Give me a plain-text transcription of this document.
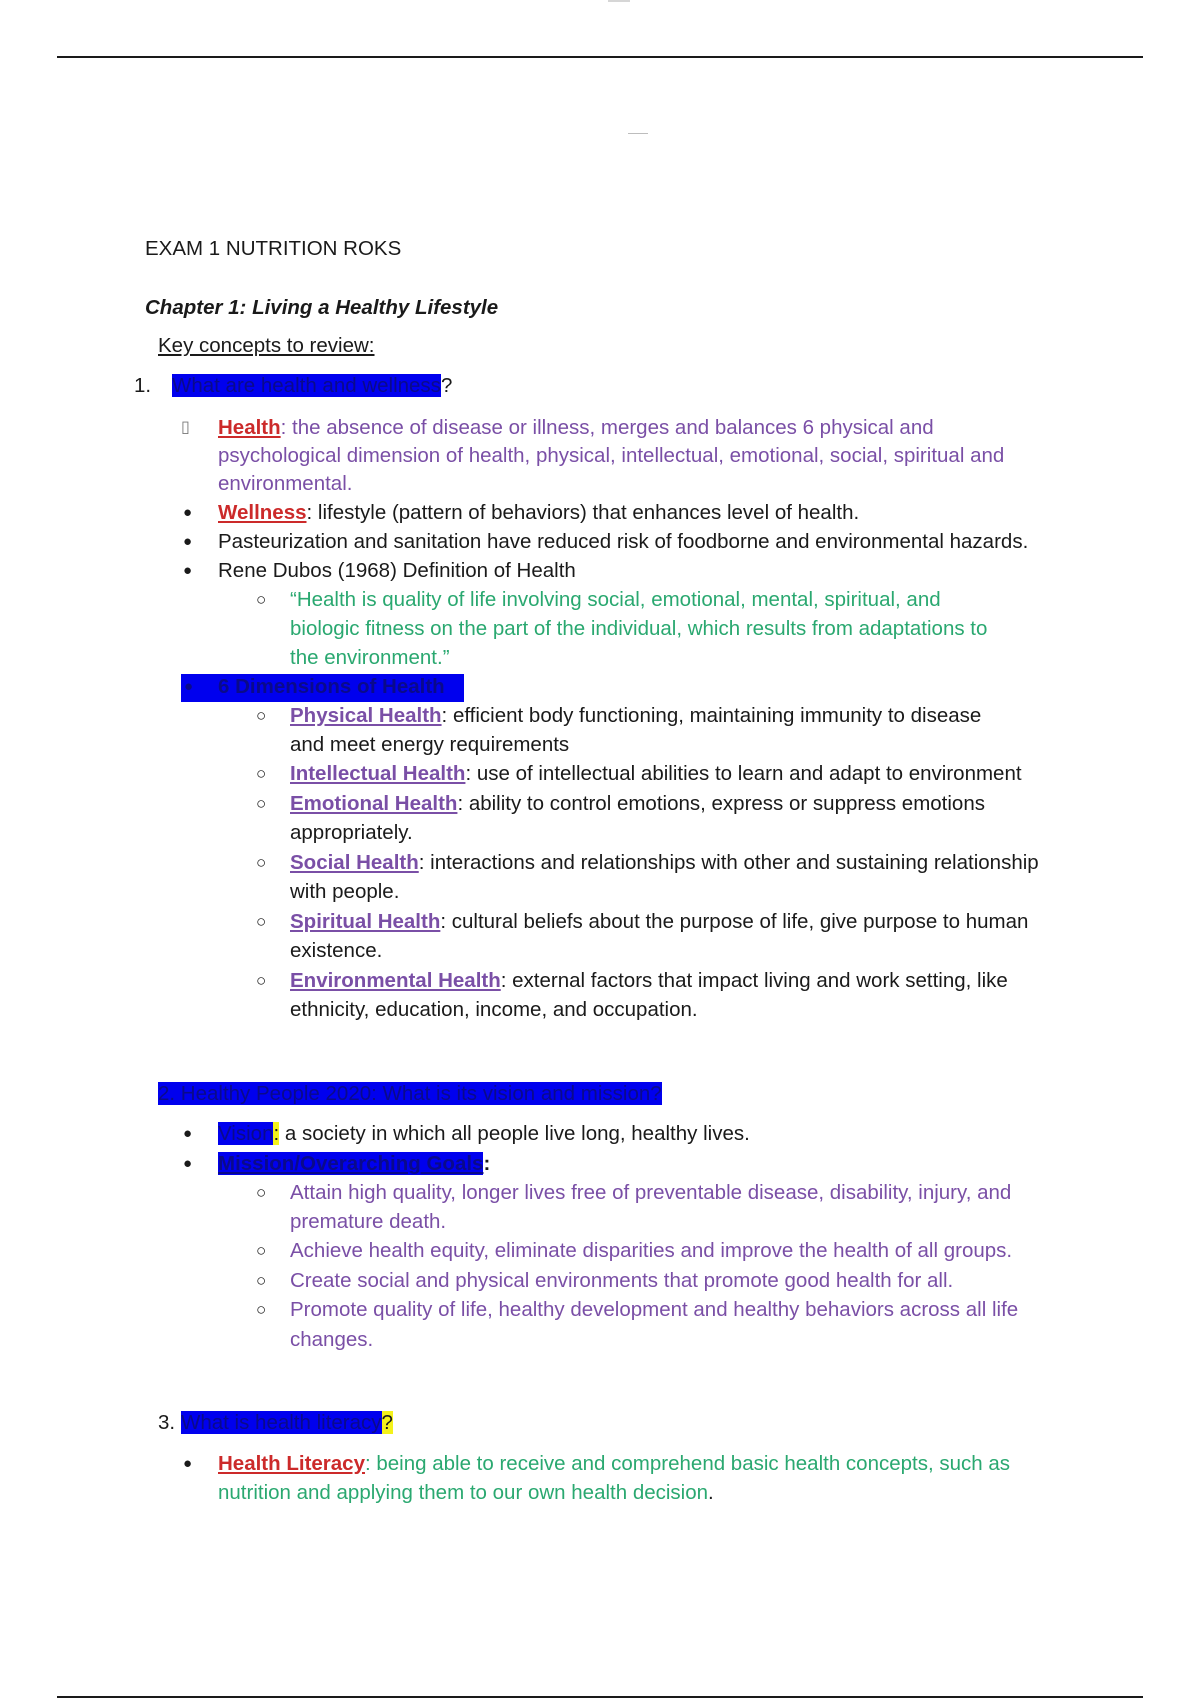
EXAM 1 NUTRITION ROKS
Chapter 1: Living a Healthy Lifestyle
Key concepts to review:
1. What are health and wellness?
▯ Health: the absence of disease or illness, merges and balances 6 physical and
psychological dimension of health, physical, intellectual, emotional, social, spiritual and
environmental.
● Wellness: lifestyle (pattern of behaviors) that enhances level of health.
● Pasteurization and sanitation have reduced risk of foodborne and environmental hazards.
● Rene Dubos (1968) Definition of Health
○ “Health is quality of life involving social, emotional, mental, spiritual, and
biologic fitness on the part of the individual, which results from adaptations to
the environment.”
● 6 Dimensions of Health
○ Physical Health: efficient body functioning, maintaining immunity to disease
and meet energy requirements
○ Intellectual Health: use of intellectual abilities to learn and adapt to environment
○ Emotional Health: ability to control emotions, express or suppress emotions
appropriately.
○ Social Health: interactions and relationships with other and sustaining relationship
with people.
○ Spiritual Health: cultural beliefs about the purpose of life, give purpose to human
existence.
○ Environmental Health: external factors that impact living and work setting, like
ethnicity, education, income, and occupation.
2. Healthy People 2020: What is its vision and mission?
● Vision: a society in which all people live long, healthy lives.
● Mission/Overarching Goals:
○ Attain high quality, longer lives free of preventable disease, disability, injury, and
premature death.
○ Achieve health equity, eliminate disparities and improve the health of all groups.
○ Create social and physical environments that promote good health for all.
○ Promote quality of life, healthy development and healthy behaviors across all life
changes.
3. What is health literacy?
● Health Literacy: being able to receive and comprehend basic health concepts, such as
nutrition and applying them to our own health decision.
